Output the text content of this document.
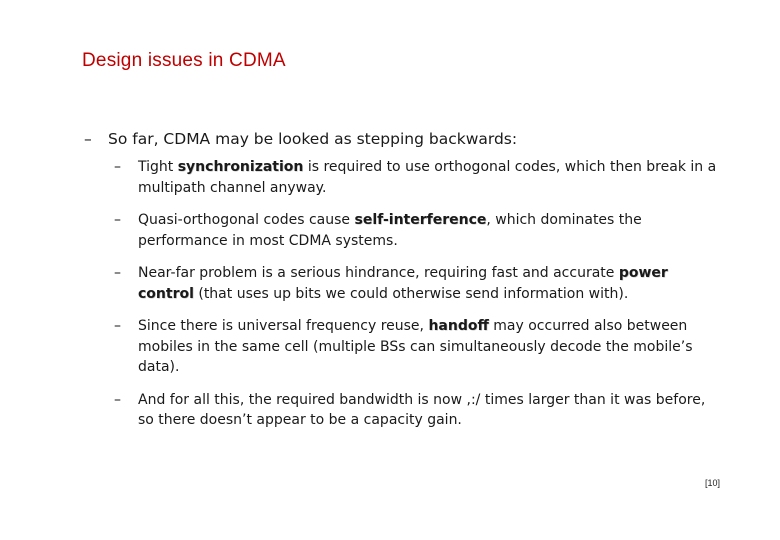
Design issues in CDMA
–	So far, CDMA may be looked as stepping backwards:
–	Tight synchronization is required to use orthogonal codes, which then break in a multipath channel anyway.
–	Quasi-orthogonal codes cause self-interference, which dominates the performance in most CDMA systems.
–	Near-far problem is a serious hindrance, requiring fast and accurate power control (that uses up bits we could otherwise send information with).
–	Since there is universal frequency reuse, handoff may occurred also between mobiles in the same cell (multiple BSs can simultaneously decode the mobile’s data).
–	And for all this, the required bandwidth is now ,:/ times larger than it was before, so there doesn’t appear to be a capacity gain.
[10]
